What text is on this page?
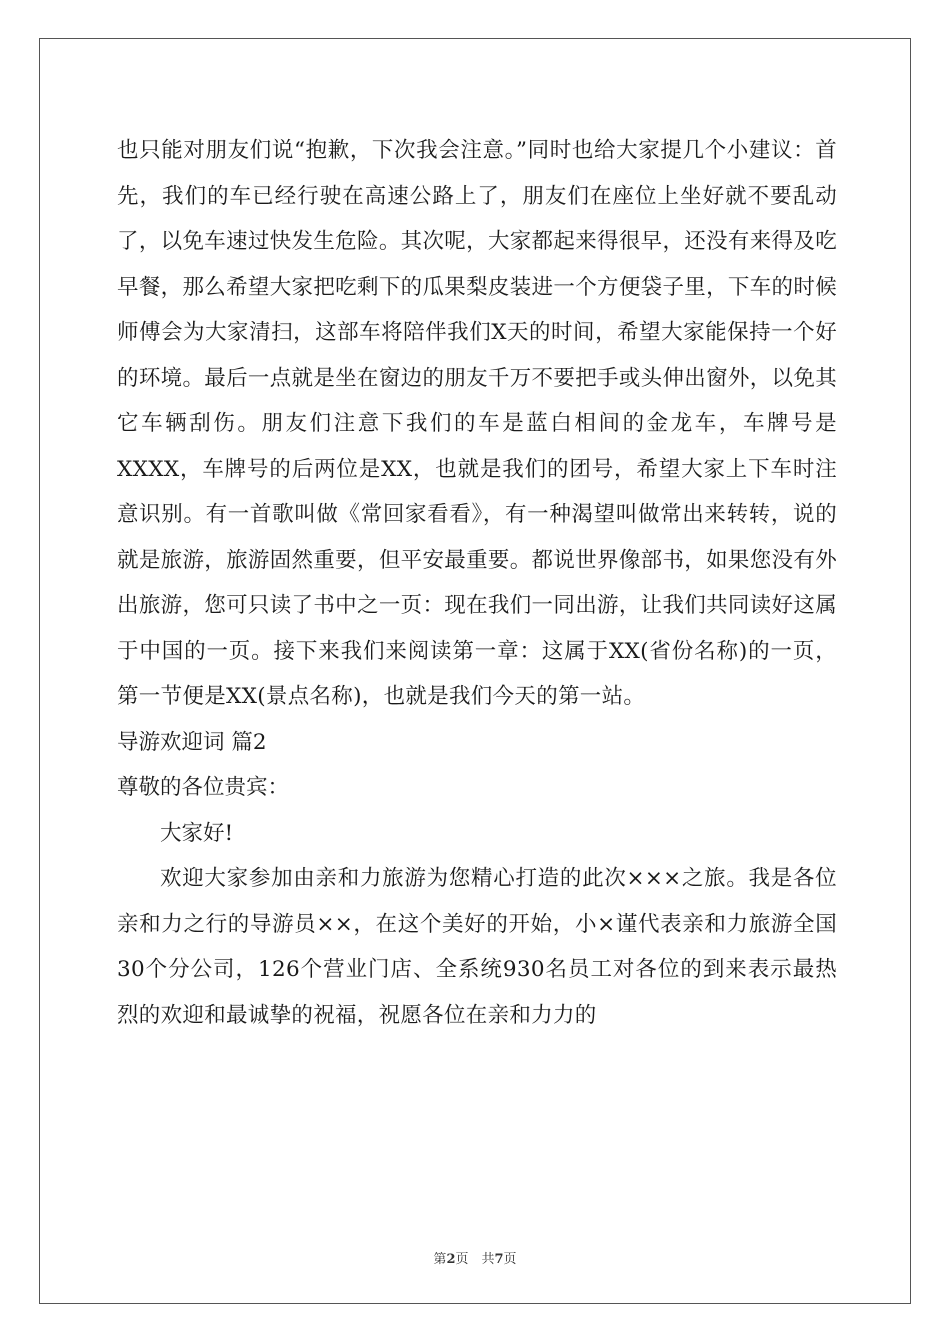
也只能对朋友们说“抱歉，下次我会注意。”同时也给大家提几个小建议：首先，我们的车已经行驶在高速公路上了，朋友们在座位上坐好就不要乱动了，以免车速过快发生危险。其次呢，大家都起来得很早，还没有来得及吃早餐，那么希望大家把吃剩下的瓜果梨皮装进一个方便袋子里，下车的时候师傅会为大家清扫，这部车将陪伴我们X天的时间，希望大家能保持一个好的环境。最后一点就是坐在窗边的朋友千万不要把手或头伸出窗外，以免其它车辆刮伤。朋友们注意下我们的车是蓝白相间的金龙车，车牌号是XXXX，车牌号的后两位是XX，也就是我们的团号，希望大家上下车时注意识别。有一首歌叫做《常回家看看》，有一种渴望叫做常出来转转，说的就是旅游，旅游固然重要，但平安最重要。都说世界像部书，如果您没有外出旅游，您可只读了书中之一页：现在我们一同出游，让我们共同读好这属于中国的一页。接下来我们来阅读第一章：这属于XX(省份名称)的一页，第一节便是XX(景点名称)，也就是我们今天的第一站。

导游欢迎词 篇2

尊敬的各位贵宾：

大家好!

欢迎大家参加由亲和力旅游为您精心打造的此次×××之旅。我是各位亲和力之行的导游员××，在这个美好的开始，小×谨代表亲和力旅游全国30个分公司，126个营业门店、全系统930名员工对各位的到来表示最热烈的欢迎和最诚挚的祝福，祝愿各位在亲和力力的

第2页　共7页
